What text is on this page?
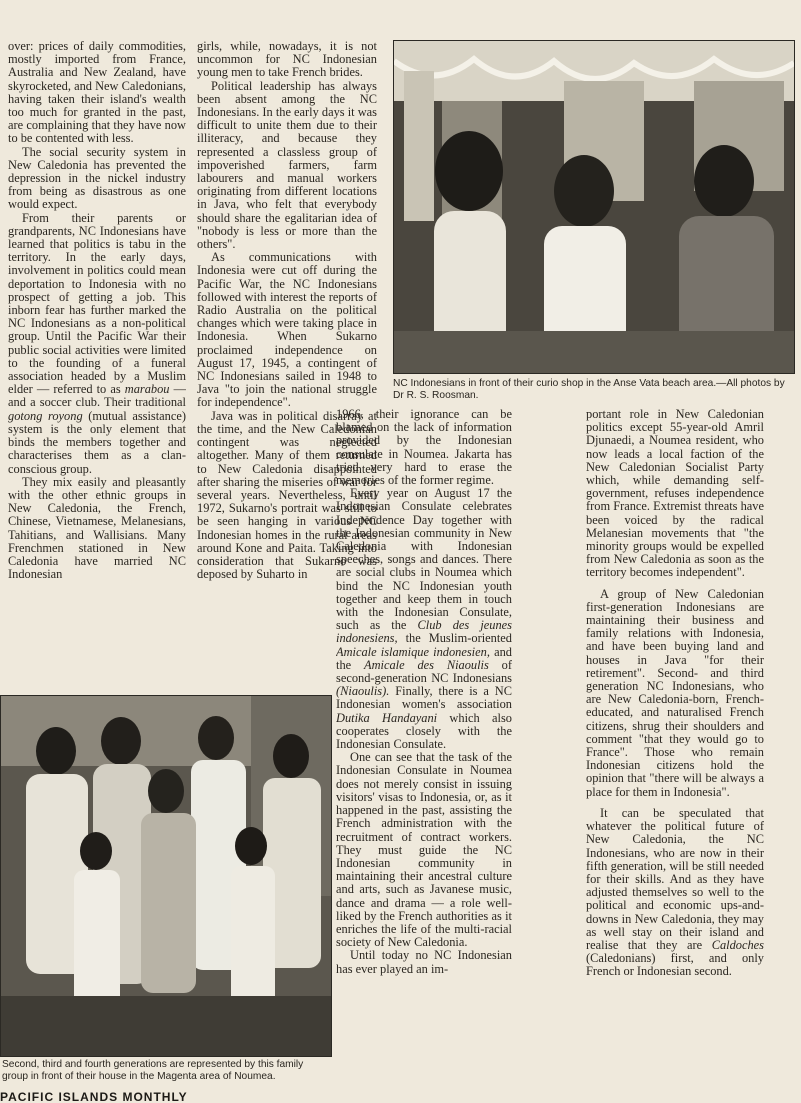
over: prices of daily commodities, mostly imported from France, Australia and New Zealand, have skyrocketed, and New Caledonians, having taken their island's wealth too much for granted in the past, are complaining that they have now to be contented with less.

The social security system in New Caledonia has prevented the depression in the nickel industry from being as disastrous as one would expect.

From their parents or grandparents, NC Indonesians have learned that politics is tabu in the territory. In the early days, involvement in politics could mean deportation to Indonesia with no prospect of getting a job. This inborn fear has further marked the NC Indonesians as a non-political group. Until the Pacific War their public social activities were limited to the founding of a funeral association headed by a Muslim elder — referred to as marabou — and a soccer club. Their traditional gotong royong (mutual assistance) system is the only element that binds the members together and characterises them as a clan-conscious group.

They mix easily and pleasantly with the other ethnic groups in New Caledonia, the French, Chinese, Vietnamese, Melanesians, Tahitians, and Wallisians. Many Frenchmen stationed in New Caledonia have married NC Indonesian

girls, while, nowadays, it is not uncommon for NC Indonesian young men to take French brides.

Political leadership has always been absent among the NC Indonesians. In the early days it was difficult to unite them due to their illiteracy, and because they represented a classless group of impoverished farmers, farm labourers and manual workers originating from different locations in Java, who felt that everybody should share the egalitarian idea of "nobody is less or more than the others".

As communications with Indonesia were cut off during the Pacific War, the NC Indonesians followed with interest the reports of Radio Australia on the political changes which were taking place in Indonesia. When Sukarno proclaimed independence on August 17, 1945, a contingent of NC Indonesians sailed in 1948 to Java "to join the national struggle for independence".

Java was in political disarray at the time, and the New Caledonian contingent was neglected altogether. Many of them returned to New Caledonia disappointed after sharing the miseries of war for several years. Nevertheless, until 1972, Sukarno's portrait was still to be seen hanging in various NC Indonesian homes in the rural areas around Kone and Paita. Taking into consideration that Sukarno was deposed by Suharto in

NC Indonesians in front of their curio shop in the Anse Vata beach area.—All photos by Dr R. S. Roosman.

1966, their ignorance can be blamed on the lack of information provided by the Indonesian consulate in Noumea. Jakarta has tried very hard to erase the memories of the former regime.

Every year on August 17 the Indonesian Consulate celebrates Independence Day together with the Indonesian community in New Caledonia with Indonesian speeches, songs and dances. There are social clubs in Noumea which bind the NC Indonesian youth together and keep them in touch with the Indonesian Consulate, such as the Club des jeunes indonesiens, the Muslim-oriented Amicale islamique indonesien, and the Amicale des Niaoulis of second-generation NC Indonesians (Niaoulis). Finally, there is a NC Indonesian women's association Dutika Handayani which also cooperates closely with the Indonesian Consulate.

One can see that the task of the Indonesian Consulate in Noumea does not merely consist in issuing visitors' visas to Indonesia, or, as it happened in the past, assisting the French administration with the recruitment of contract workers. They must guide the NC Indonesian community in maintaining their ancestral culture and arts, such as Javanese music, dance and drama — a role well-liked by the French authorities as it enriches the life of the multi-racial society of New Caledonia.

Until today no NC Indonesian has ever played an im-

portant role in New Caledonian politics except 55-year-old Amril Djunaedi, a Noumea resident, who now leads a local faction of the New Caledonian Socialist Party which, while demanding self-government, refuses independence from France. Extremist threats have been voiced by the radical Melanesian movements that "the minority groups would be expelled from New Caledonia as soon as the territory becomes independent".

A group of New Caledonian first-generation Indonesians are maintaining their business and family relations with Indonesia, and have been buying land and houses in Java "for their retirement". Second- and third generation NC Indonesians, who are New Caledonia-born, French-educated, and naturalised French citizens, shrug their shoulders and comment "that they would go to France". Those who remain Indonesian citizens hold the opinion that "there will be always a place for them in Indonesia".

It can be speculated that whatever the political future of New Caledonia, the NC Indonesians, who are now in their fifth generation, will be still needed for their skills. And as they have adjusted themselves so well to the political and economic ups-and-downs in New Caledonia, they may as well stay on their island and realise that they are Caldoches (Caledonians) first, and only French or Indonesian second.

Second, third and fourth generations are represented by this family group in front of their house in the Magenta area of Noumea.
PACIFIC ISLANDS MONTHLY
